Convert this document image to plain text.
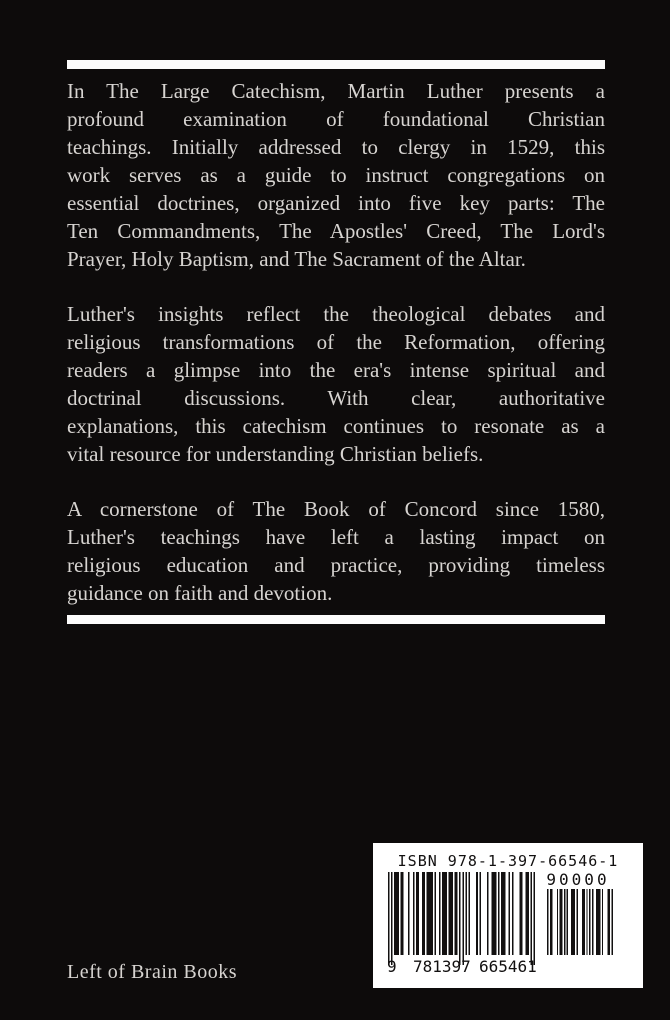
In The Large Catechism, Martin Luther presents a
profound examination of foundational Christian
teachings. Initially addressed to clergy in 1529, this
work serves as a guide to instruct congregations on
essential doctrines, organized into five key parts: The
Ten Commandments, The Apostles' Creed, The Lord's
Prayer, Holy Baptism, and The Sacrament of the Altar.
Luther's insights reflect the theological debates and
religious transformations of the Reformation, offering
readers a glimpse into the era's intense spiritual and
doctrinal discussions. With clear, authoritative
explanations, this catechism continues to resonate as a
vital resource for understanding Christian beliefs.
A cornerstone of The Book of Concord since 1580,
Luther's teachings have left a lasting impact on
religious education and practice, providing timeless
guidance on faith and devotion.
ISBN 978-1-397-66546-1
90000
9 781397 665461
Left of Brain Books
